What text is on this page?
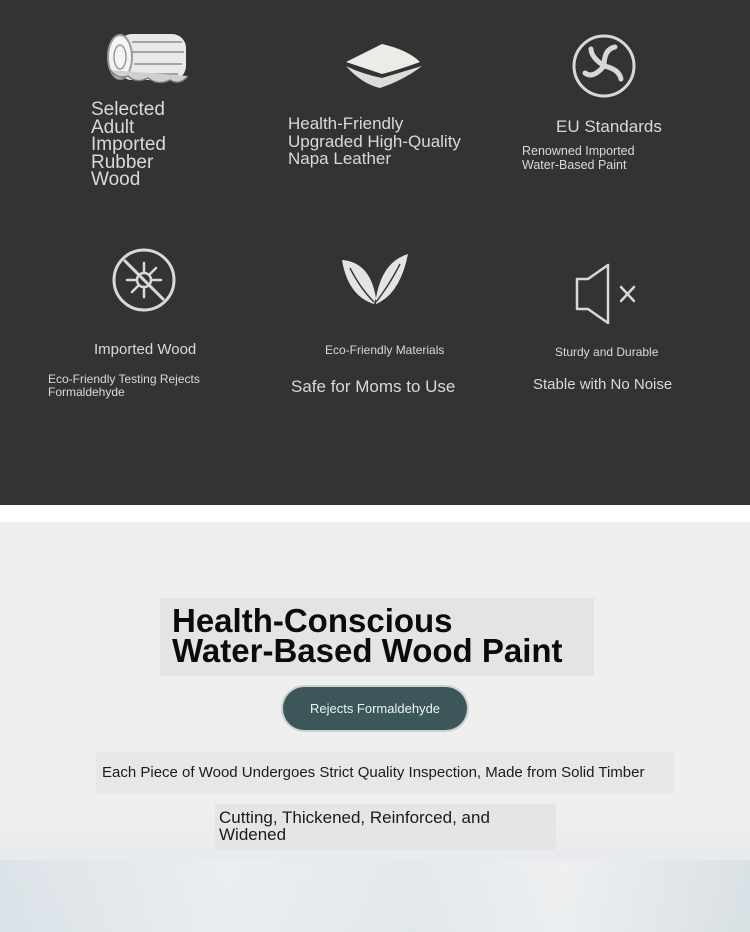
Selected
Adult
Imported
Rubber
Wood

Health-Friendly
Upgraded High-Quality
Napa Leather

EU Standards

Renowned Imported
Water-Based Paint

Imported Wood

Eco-Friendly Testing Rejects
Formaldehyde

Eco-Friendly Materials

Safe for Moms to Use

Sturdy and Durable

Stable with No Noise

Health-Conscious
Water-Based Wood Paint
Rejects Formaldehyde
Each Piece of Wood Undergoes Strict Quality Inspection, Made from Solid Timber
Cutting, Thickened, Reinforced, and
Widened
